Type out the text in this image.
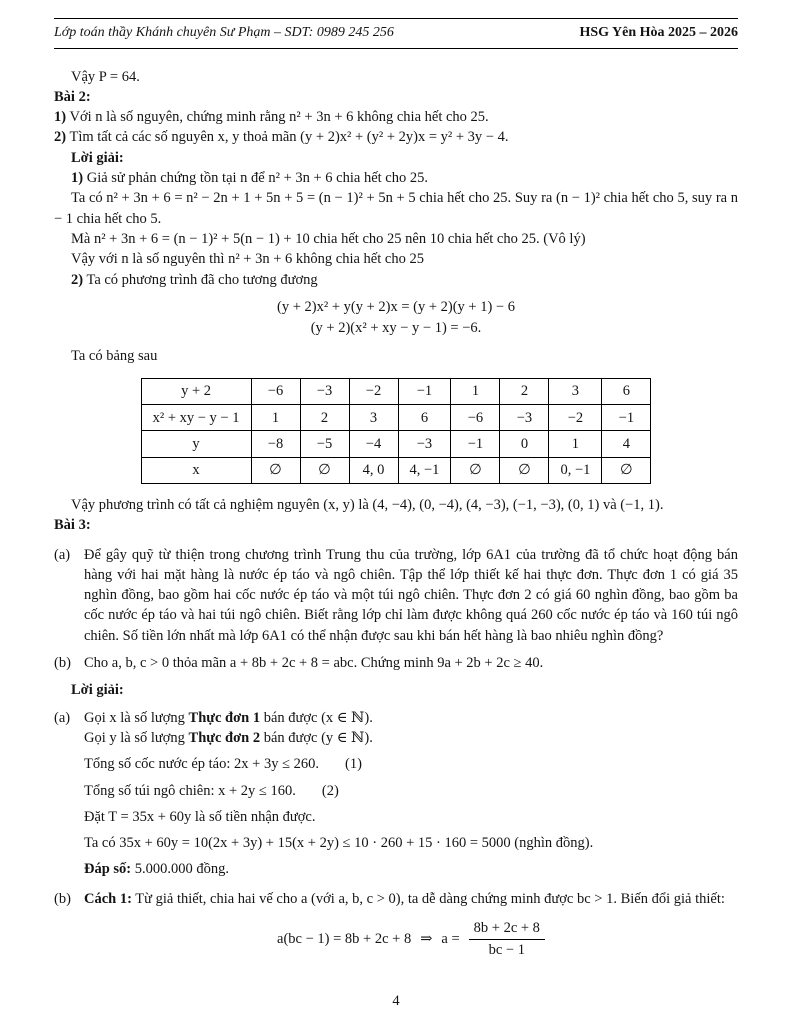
Lớp toán thầy Khánh chuyên Sư Phạm – SDT: 0989 245 256	HSG Yên Hòa 2025 – 2026

Vậy P = 64.

Bài 2:

1) Với n là số nguyên, chứng minh rằng n² + 3n + 6 không chia hết cho 25.

2) Tìm tất cả các số nguyên x, y thoả mãn (y + 2)x² + (y² + 2y)x = y² + 3y − 4.

Lời giải:

1) Giả sử phản chứng tồn tại n để n² + 3n + 6 chia hết cho 25.

Ta có n² + 3n + 6 = n² − 2n + 1 + 5n + 5 = (n − 1)² + 5n + 5 chia hết cho 25. Suy ra (n − 1)² chia hết cho 5, suy ra n − 1 chia hết cho 5.

Mà n² + 3n + 6 = (n − 1)² + 5(n − 1) + 10 chia hết cho 25 nên 10 chia hết cho 25. (Vô lý)

Vậy với n là số nguyên thì n² + 3n + 6 không chia hết cho 25

2) Ta có phương trình đã cho tương đương

(y + 2)x² + y(y + 2)x = (y + 2)(y + 1) − 6

(y + 2)(x² + xy − y − 1) = −6.

Ta có bảng sau

y + 2	−6	−3	−2	−1	1	2	3	6
x² + xy − y − 1	1	2	3	6	−6	−3	−2	−1
y	−8	−5	−4	−3	−1	0	1	4
x	∅	∅	4, 0	4, −1	∅	∅	0, −1	∅

Vậy phương trình có tất cả nghiệm nguyên (x, y) là (4, −4), (0, −4), (4, −3), (−1, −3), (0, 1) và (−1, 1).

Bài 3:

(a) Để gây quỹ từ thiện trong chương trình Trung thu của trường, lớp 6A1 của trường đã tổ chức hoạt động bán hàng với hai mặt hàng là nước ép táo và ngô chiên. Tập thể lớp thiết kế hai thực đơn. Thực đơn 1 có giá 35 nghìn đồng, bao gồm hai cốc nước ép táo và một túi ngô chiên. Thực đơn 2 có giá 60 nghìn đồng, bao gồm ba cốc nước ép táo và hai túi ngô chiên. Biết rằng lớp chỉ làm được không quá 260 cốc nước ép táo và 160 túi ngô chiên. Số tiền lớn nhất mà lớp 6A1 có thể nhận được sau khi bán hết hàng là bao nhiêu nghìn đồng?

(b) Cho a, b, c > 0 thỏa mãn a + 8b + 2c + 8 = abc. Chứng minh 9a + 2b + 2c ≥ 40.

Lời giải:

(a) Gọi x là số lượng Thực đơn 1 bán được (x ∈ ℕ).

Gọi y là số lượng Thực đơn 2 bán được (y ∈ ℕ).

Tổng số cốc nước ép táo: 2x + 3y ≤ 260. (1)

Tổng số túi ngô chiên: x + 2y ≤ 160. (2)

Đặt T = 35x + 60y là số tiền nhận được.

Ta có 35x + 60y = 10(2x + 3y) + 15(x + 2y) ≤ 10 · 260 + 15 · 160 = 5000 (nghìn đồng).

Đáp số: 5.000.000 đồng.

(b) Cách 1: Từ giả thiết, chia hai vế cho a (với a, b, c > 0), ta dễ dàng chứng minh được bc > 1. Biến đổi giả thiết:

a(bc − 1) = 8b + 2c + 8 ⇒ $a = \frac{8b + 2c + 8}{bc - 1}$
4
